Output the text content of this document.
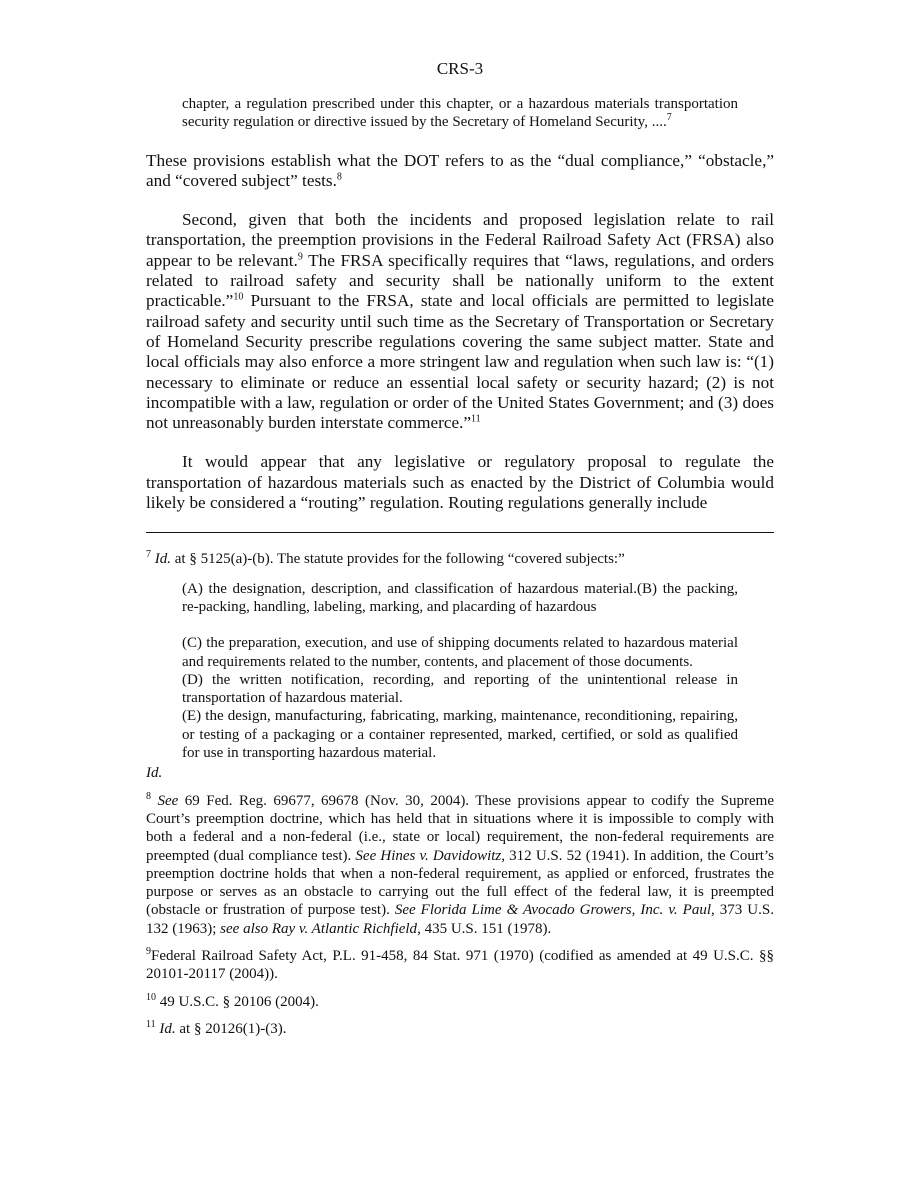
CRS-3
chapter, a regulation prescribed under this chapter, or a hazardous materials transportation security regulation or directive issued by the Secretary of Homeland Security, ....$^7$

These provisions establish what the DOT refers to as the “dual compliance,” “obstacle,” and “covered subject” tests.$^8$

Second, given that both the incidents and proposed legislation relate to rail transportation, the preemption provisions in the Federal Railroad Safety Act (FRSA) also appear to be relevant.$^9$ The FRSA specifically requires that “laws, regulations, and orders related to railroad safety and security shall be nationally uniform to the extent practicable.”$^{10}$ Pursuant to the FRSA, state and local officials are permitted to legislate railroad safety and security until such time as the Secretary of Transportation or Secretary of Homeland Security prescribe regulations covering the same subject matter. State and local officials may also enforce a more stringent law and regulation when such law is: “(1) necessary to eliminate or reduce an essential local safety or security hazard; (2) is not incompatible with a law, regulation or order of the United States Government; and (3) does not unreasonably burden interstate commerce.”$^{11}$

It would appear that any legislative or regulatory proposal to regulate the transportation of hazardous materials such as enacted by the District of Columbia would likely be considered a “routing” regulation. Routing regulations generally include

$^7$ Id. at § 5125(a)-(b). The statute provides for the following “covered subjects:”

(A) the designation, description, and classification of hazardous material.(B) the packing, re-packing, handling, labeling, marking, and placarding of hazardous

(C) the preparation, execution, and use of shipping documents related to hazardous material and requirements related to the number, contents, and placement of those documents.

(D) the written notification, recording, and reporting of the unintentional release in transportation of hazardous material.

(E) the design, manufacturing, fabricating, marking, maintenance, reconditioning, repairing, or testing of a packaging or a container represented, marked, certified, or sold as qualified for use in transporting hazardous material.

Id.

$^8$ See 69 Fed. Reg. 69677, 69678 (Nov. 30, 2004). These provisions appear to codify the Supreme Court’s preemption doctrine, which has held that in situations where it is impossible to comply with both a federal and a non-federal (i.e., state or local) requirement, the non-federal requirements are preempted (dual compliance test). See Hines v. Davidowitz, 312 U.S. 52 (1941). In addition, the Court’s preemption doctrine holds that when a non-federal requirement, as applied or enforced, frustrates the purpose or serves as an obstacle to carrying out the full effect of the federal law, it is preempted (obstacle or frustration of purpose test). See Florida Lime & Avocado Growers, Inc. v. Paul, 373 U.S. 132 (1963); see also Ray v. Atlantic Richfield, 435 U.S. 151 (1978).

$^9$Federal Railroad Safety Act, P.L. 91-458, 84 Stat. 971 (1970) (codified as amended at 49 U.S.C. §§ 20101-20117 (2004)).

$^{10}$ 49 U.S.C. § 20106 (2004).

$^{11}$ Id. at § 20126(1)-(3).
